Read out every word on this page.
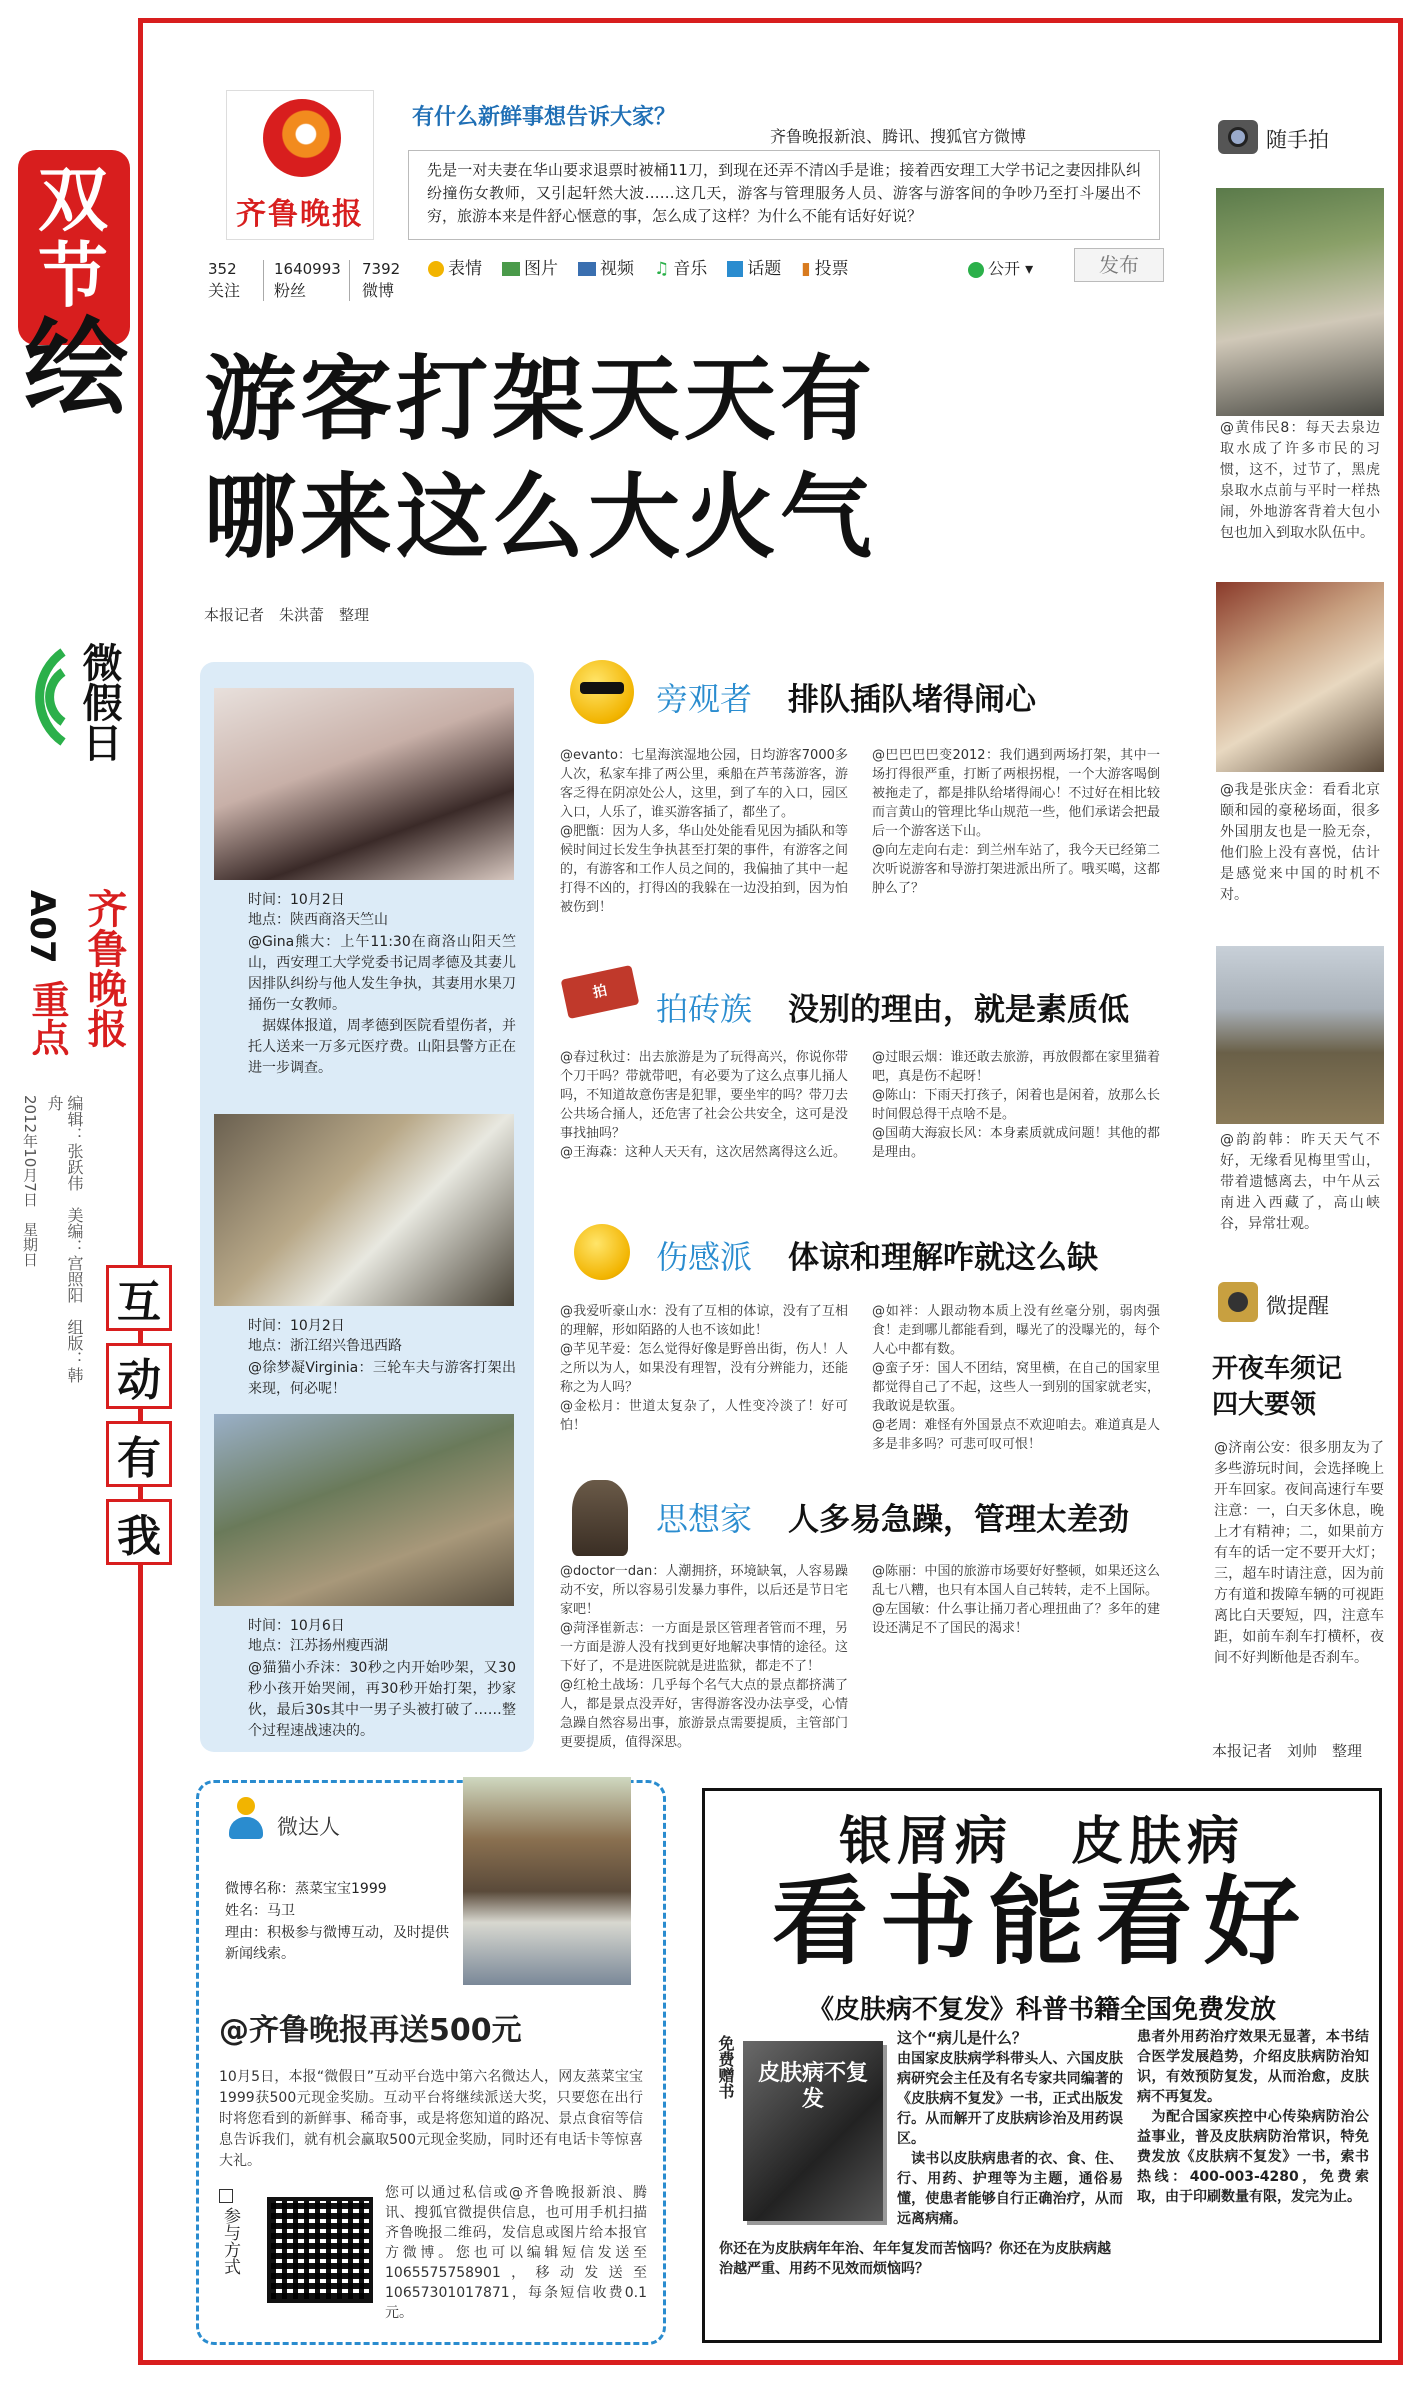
双
节
绘
微假日
A07
重点 齐鲁晚报
编辑：张跃伟　美编：宫照阳　组版：韩舟
2012年10月7日　星期日
互
动
有
我
齐鲁晚报
有什么新鲜事想告诉大家？
齐鲁晚报新浪、腾讯、搜狐官方微博
先是一对夫妻在华山要求退票时被桶11刀，到现在还弄不清凶手是谁；接着西安理工大学书记之妻因排队纠纷撞伤女教师，又引起轩然大波……这几天，游客与管理服务人员、游客与游客间的争吵乃至打斗屡出不穷，旅游本来是件舒心惬意的事，怎么成了这样？为什么不能有话好好说？
352
关注
1640993
粉丝
7392
微博
表情	图片	视频 ♫ 音乐	话题 ▮ 投票	公开 ▾	发布
游客打架天天有
哪来这么大火气
本报记者　朱洪蕾　整理
时间：10月2日
地点：陕西商洛天竺山
@Gina熊大：上午11:30在商洛山阳天竺山，西安理工大学党委书记周孝德及其妻儿因排队纠纷与他人发生争执，其妻用水果刀捅伤一女教师。
　据媒体报道，周孝德到医院看望伤者，并托人送来一万多元医疗费。山阳县警方正在进一步调查。
时间：10月2日
地点：浙江绍兴鲁迅西路
@徐梦凝Virginia：三轮车夫与游客打架出来现，何必呢！
时间：10月6日
地点：江苏扬州瘦西湖
@猫猫小乔沫：30秒之内开始吵架，又30秒小孩开始哭闹，再30秒开始打架，抄家伙，最后30s其中一男子头被打破了……整个过程速战速决的。
旁观者 排队插队堵得闹心
@evanto：七星海滨湿地公园，日均游客7000多人次，私家车排了两公里，乘船在芦苇荡游客，游客乏得在阴凉处公人，这里，到了车的入口，园区入口，人乐了，谁买游客插了，都坐了。
@肥甑：因为人多，华山处处能看见因为插队和等候时间过长发生争执甚至打架的事件，有游客之间的，有游客和工作人员之间的，我偏抽了其中一起打得不凶的，打得凶的我躲在一边没拍到，因为怕被伤到！
@巴巴巴巴变2012：我们遇到两场打架，其中一场打得很严重，打断了两根拐棍，一个大游客喝倒被拖走了，都是排队给堵得闹心！不过好在相比较而言黄山的管理比华山规范一些，他们承诺会把最后一个游客送下山。
@向左走向右走：到兰州车站了，我今天已经第二次听说游客和导游打架进派出所了。哦买噶，这都肿么了？
拍	拍砖族 没别的理由，就是素质低
@春过秋过：出去旅游是为了玩得高兴，你说你带个刀干吗？带就带吧，有必要为了这么点事儿捅人吗，不知道故意伤害是犯罪，要坐牢的吗？带刀去公共场合捅人，还危害了社会公共安全，这可是没事找抽吗？
@王海森：这种人天天有，这次居然离得这么近。
@过眼云烟：谁还敢去旅游，再放假都在家里猫着吧，真是伤不起呀！
@陈山：下雨天打孩子，闲着也是闲着，放那么长时间假总得干点啥不是。
@国萌大海寂长风：本身素质就成问题！其他的都是理由。
伤感派 体谅和理解咋就这么缺
@我爱听豪山水：没有了互相的体谅，没有了互相的理解，形如陌路的人也不该如此！
@芊见芊爱：怎么觉得好像是野兽出街，伤人！人之所以为人，如果没有理智，没有分辨能力，还能称之为人吗？
@金松月：世道太复杂了，人性变冷淡了！好可怕！
@如袢：人跟动物本质上没有丝毫分别，弱肉强食！走到哪儿都能看到，曝光了的没曝光的，每个人心中都有数。
@蛮子牙：国人不团结，窝里横，在自己的国家里都觉得自己了不起，这些人一到别的国家就老实，我敢说是软蛋。
@老周：难怪有外国景点不欢迎咱去。难道真是人多是非多吗？可悲可叹可恨！
思想家 人多易急躁，管理太差劲
@doctor一dan：人潮拥挤，环境缺氧，人容易躁动不安，所以容易引发暴力事件，以后还是节日宅家吧！
@菏泽崔新志：一方面是景区管理者管而不理，另一方面是游人没有找到更好地解决事情的途径。这下好了，不是进医院就是进监狱，都走不了！
@红枪土战场：几乎每个名气大点的景点都挤满了人，都是景点没弄好，害得游客没办法享受，心情急躁自然容易出事，旅游景点需要提质，主管部门更要提质，值得深思。
@陈丽：中国的旅游市场要好好整顿，如果还这么乱七八糟，也只有本国人自己转转，走不上国际。
@左国敏：什么事让捅刀者心理扭曲了？多年的建设还满足不了国民的渴求！
随手拍
@黄伟民8：每天去泉边取水成了许多市民的习惯，这不，过节了，黑虎泉取水点前与平时一样热闹，外地游客背着大包小包也加入到取水队伍中。
@我是张庆金：看看北京颐和园的豪秘场面，很多外国朋友也是一脸无奈，他们脸上没有喜悦，估计是感觉来中国的时机不对。
@韵韵韩：昨天天气不好，无缘看见梅里雪山，带着遗憾离去，中午从云南进入西藏了，高山峡谷，异常壮观。
微提醒
开夜车须记
四大要领
@济南公安：很多朋友为了多些游玩时间，会选择晚上开车回家。夜间高速行车要注意：一，白天多休息，晚上才有精神；二，如果前方有车的话一定不要开大灯；三，超车时请注意，因为前方有道和拨障车辆的可视距离比白天要短，四，注意车距，如前车刹车打横杯，夜间不好判断他是否刹车。
本报记者　刘帅　整理
微达人
微博名称：蒸菜宝宝1999
姓名：马卫
理由：积极参与微博互动，及时提供新闻线索。
@齐鲁晚报再送500元
10月5日，本报“微假日”互动平台选中第六名微达人，网友蒸菜宝宝1999获500元现金奖励。互动平台将继续派送大奖，只要您在出行时将您看到的新鲜事、稀奇事，或是将您知道的路况、景点食宿等信息告诉我们，就有机会赢取500元现金奖励，同时还有电话卡等惊喜大礼。
参与方式
您可以通过私信或@齐鲁晚报新浪、腾讯、搜狐官微提供信息，也可用手机扫描齐鲁晚报二维码，发信息或图片给本报官方微博。您也可以编辑短信发送至1065575758901，移动发送至10657301017871，每条短信收费0.1元。
银屑病　皮肤病
看书能看好
《皮肤病不复发》科普书籍全国免费发放
免费赠书	皮肤病不复发
这个“病儿是什么？
由国家皮肤病学科带头人、六国皮肤病研究会主任及有名专家共同编著的《皮肤病不复发》一书，正式出版发行。从而解开了皮肤病诊治及用药误区。
　读书以皮肤病患者的衣、食、住、行、用药、护理等为主题，通俗易懂，使患者能够自行正确治疗，从而远离病痛。
患者外用药治疗效果无显著，本书结合医学发展趋势，介绍皮肤病防治知识，有效预防复发，从而治愈，皮肤病不再复发。
　为配合国家疾控中心传染病防治公益事业，普及皮肤病防治常识，特免费发放《皮肤病不复发》一书，索书热线：400-003-4280，免费索取，由于印刷数量有限，发完为止。
你还在为皮肤病年年治、年年复发而苦恼吗？你还在为皮肤病越治越严重、用药不见效而烦恼吗？
